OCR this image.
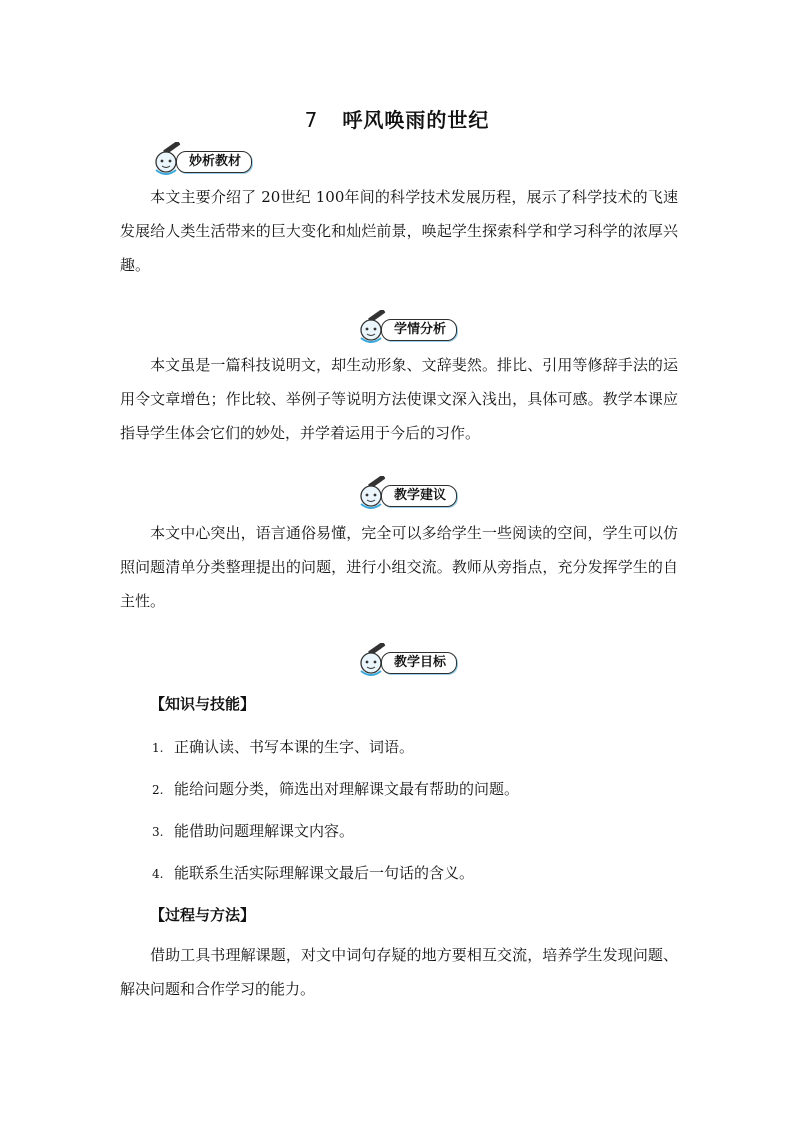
7 呼风唤雨的世纪
妙析教材
本文主要介绍了 20世纪 100年间的科学技术发展历程，展示了科学技术的飞速发展给人类生活带来的巨大变化和灿烂前景，唤起学生探索科学和学习科学的浓厚兴趣。
学情分析
本文虽是一篇科技说明文，却生动形象、文辞斐然。排比、引用等修辞手法的运用令文章增色；作比较、举例子等说明方法使课文深入浅出，具体可感。教学本课应指导学生体会它们的妙处，并学着运用于今后的习作。
教学建议
本文中心突出，语言通俗易懂，完全可以多给学生一些阅读的空间，学生可以仿照问题清单分类整理提出的问题，进行小组交流。教师从旁指点，充分发挥学生的自主性。
教学目标
【知识与技能】
1. 正确认读、书写本课的生字、词语。
2. 能给问题分类，筛选出对理解课文最有帮助的问题。
3. 能借助问题理解课文内容。
4. 能联系生活实际理解课文最后一句话的含义。
【过程与方法】
借助工具书理解课题，对文中词句存疑的地方要相互交流，培养学生发现问题、解决问题和合作学习的能力。
